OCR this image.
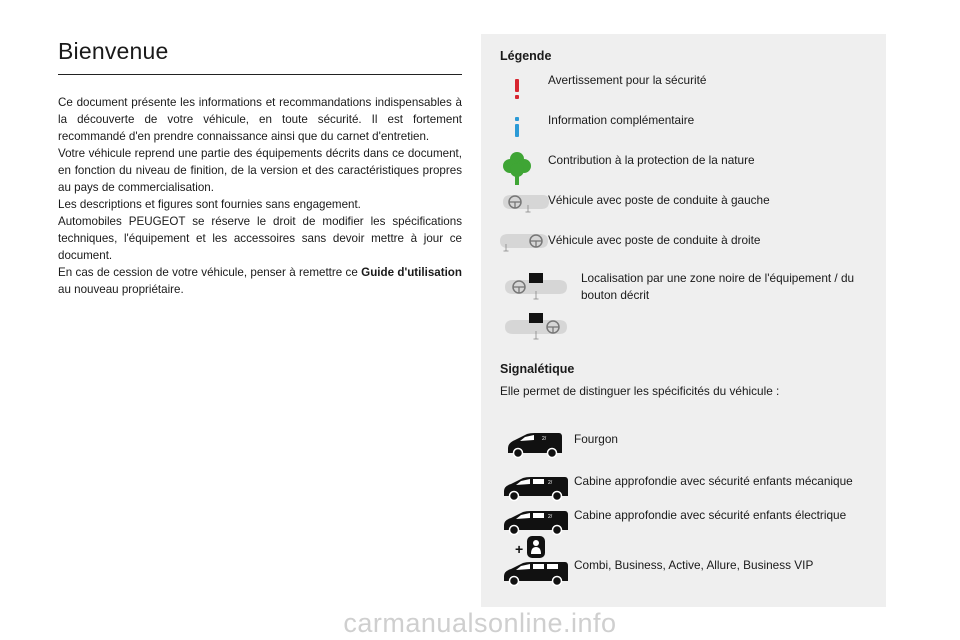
Bienvenue

Ce document présente les informations et recommandations indispensables à la découverte de votre véhicule, en toute sécurité. Il est fortement recommandé d'en prendre connaissance ainsi que du carnet d'entretien.

Votre véhicule reprend une partie des équipements décrits dans ce document, en fonction du niveau de finition, de la version et des caractéristiques propres au pays de commercialisation.

Les descriptions et figures sont fournies sans engagement.

Automobiles PEUGEOT se réserve le droit de modifier les spécifications techniques, l'équipement et les accessoires sans devoir mettre à jour ce document.

En cas de cession de votre véhicule, penser à remettre ce Guide d'utilisation au nouveau propriétaire.

Légende
Avertissement pour la sécurité
Information complémentaire
Contribution à la protection de la nature
Véhicule avec poste de conduite à gauche
Véhicule avec poste de conduite à droite
Localisation par une zone noire de l'équipement / du bouton décrit
Signalétique
Elle permet de distinguer les spécificités du véhicule :
2/ Fourgon
2/ Cabine approfondie avec sécurité enfants mécanique
2/ Cabine approfondie avec sécurité enfants électrique
+
Combi, Business, Active, Allure, Business VIP
carmanualsonline.info
